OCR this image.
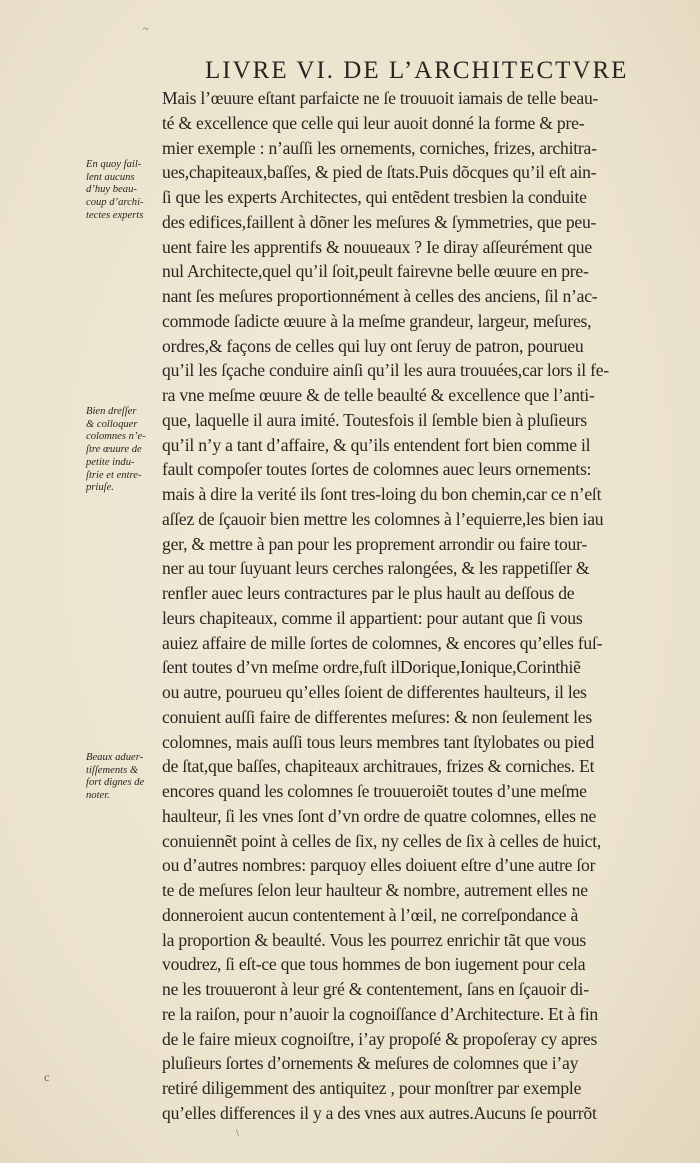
~
LIVRE VI. DE L’ARCHITECTVRE
Mais l’œuure eſtant parfaicte ne ſe trouuoit iamais de telle beau-
té & excellence que celle qui leur auoit donné la forme & pre-
mier exemple : n’auſſi les ornements, corniches, frizes, architra-
ues,chapiteaux,baſſes, & pied de ſtats.Puis dõcques qu’il eſt ain-
ſi que les experts Architectes, qui entẽdent tresbien la conduite
des edifices,faillent à dõner les meſures & ſymmetries, que peu-
uent faire les apprentifs & nouueaux ? Ie diray aſſeurément que
nul Architecte,quel qu’il ſoit,peult fairevne belle œuure en pre-
nant ſes meſures proportionnément à celles des anciens, ſil n’ac-
commode ſadicte œuure à la meſme grandeur, largeur, meſures,
ordres,& façons de celles qui luy ont ſeruy de patron, pourueu
qu’il les ſçache conduire ainſi qu’il les aura trouuées,car lors il fe-
ra vne meſme œuure & de telle beaulté & excellence que l’anti-
que, laquelle il aura imité. Toutesfois il ſemble bien à pluſieurs
qu’il n’y a tant d’affaire, & qu’ils entendent fort bien comme il
fault compoſer toutes ſortes de colomnes auec leurs ornements:
mais à dire la verité ils ſont tres-loing du bon chemin,car ce n’eſt
aſſez de ſçauoir bien mettre les colomnes à l’equierre,les bien iau
ger, & mettre à pan pour les proprement arrondir ou faire tour-
ner au tour ſuyuant leurs cerches ralongées, & les rappetiſſer &
renfler auec leurs contractures par le plus hault au deſſous de
leurs chapiteaux, comme il appartient: pour autant que ſi vous
auiez affaire de mille ſortes de colomnes, & encores qu’elles fuſ-
ſent toutes d’vn meſme ordre,fuſt ilDorique,Ionique,Corinthiẽ
ou autre, pourueu qu’elles ſoient de differentes haulteurs, il les
conuient auſſi faire de differentes meſures: & non ſeulement les
colomnes, mais auſſi tous leurs membres tant ſtylobates ou pied
de ſtat,que baſſes, chapiteaux architraues, frizes & corniches. Et
encores quand les colomnes ſe trouueroiẽt toutes d’une meſme
haulteur, ſi les vnes ſont d’vn ordre de quatre colomnes, elles ne
conuiennẽt point à celles de ſix, ny celles de ſix à celles de huict,
ou d’autres nombres: parquoy elles doiuent eſtre d’une autre ſor
te de meſures ſelon leur haulteur & nombre, autrement elles ne
donneroient aucun contentement à l’œil, ne correſpondance à
la proportion & beaulté. Vous les pourrez enrichir tãt que vous
voudrez, ſi eſt-ce que tous hommes de bon iugement pour cela
ne les trouueront à leur gré & contentement, ſans en ſçauoir di-
re la raiſon, pour n’auoir la cognoiſſance d’Architecture. Et à fin
de le faire mieux cognoiſtre, i’ay propoſé & propoſeray cy apres
pluſieurs ſortes d’ornements & meſures de colomnes que i’ay
retiré diligemment des antiquitez , pour monſtrer par exemple
qu’elles differences il y a des vnes aux autres.Aucuns ſe pourrõt
En quoy fail-
lent aucuns
d’huy beau-
coup d’archi-
tectes experts
Bien dreſſer
& colloquer
colomnes n’e-
ſtre œuure de
petite indu-
ſtrie et entre-
priuſe.
Beaux aduer-
tiſſements &
fort dignes de
noter.
c
\
